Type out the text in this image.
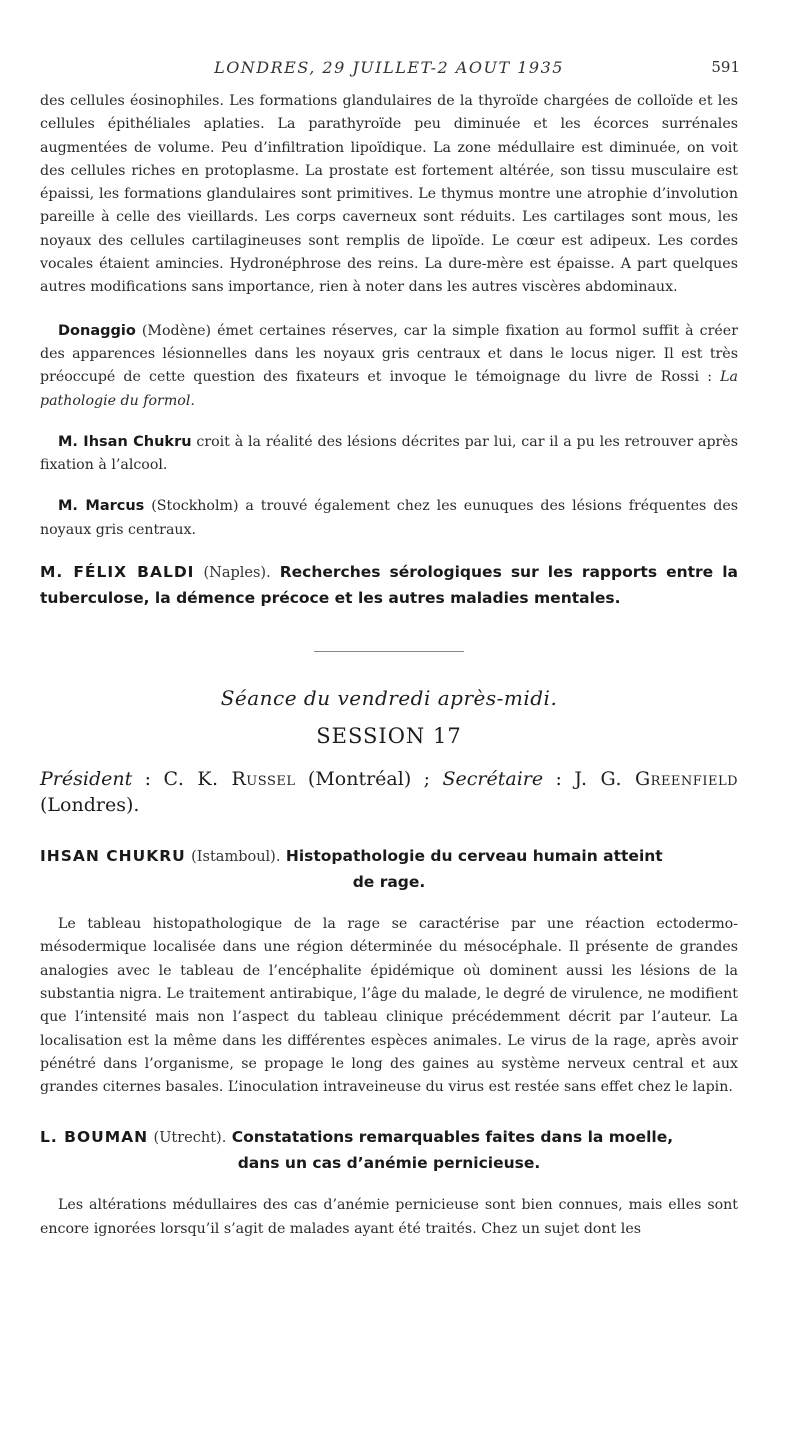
LONDRES, 29 JUILLET-2 AOUT 1935	591

des cellules éosinophiles. Les formations glandulaires de la thyroïde chargées de colloïde et les cellules épithéliales aplaties. La parathyroïde peu diminuée et les écorces surrénales augmentées de volume. Peu d’infiltration lipoïdique. La zone médullaire est diminuée, on voit des cellules riches en protoplasme. La prostate est fortement altérée, son tissu musculaire est épaissi, les formations glandulaires sont primitives. Le thymus montre une atrophie d’involution pareille à celle des vieillards. Les corps caverneux sont réduits. Les cartilages sont mous, les noyaux des cellules cartilagineuses sont remplis de lipoïde. Le cœur est adipeux. Les cordes vocales étaient amincies. Hydronéphrose des reins. La dure-mère est épaisse. A part quelques autres modifications sans importance, rien à noter dans les autres viscères abdominaux.

Donaggio (Modène) émet certaines réserves, car la simple fixation au formol suffit à créer des apparences lésionnelles dans les noyaux gris centraux et dans le locus niger. Il est très préoccupé de cette question des fixateurs et invoque le témoignage du livre de Rossi : La pathologie du formol.

M. Ihsan Chukru croit à la réalité des lésions décrites par lui, car il a pu les retrouver après fixation à l’alcool.

M. Marcus (Stockholm) a trouvé également chez les eunuques des lésions fréquentes des noyaux gris centraux.

M. FÉLIX BALDI (Naples). Recherches sérologiques sur les rapports entre la tuberculose, la démence précoce et les autres maladies mentales.

Séance du vendredi après-midi.
SESSION 17

Président : C. K. Russel (Montréal) ; Secrétaire : J. G. Greenfield (Londres).

IHSAN CHUKRU (Istamboul). Histopathologie du cerveau humain atteint
de rage.

Le tableau histopathologique de la rage se caractérise par une réaction ectodermo-mésodermique localisée dans une région déterminée du mésocéphale. Il présente de grandes analogies avec le tableau de l’encéphalite épidémique où dominent aussi les lésions de la substantia nigra. Le traitement antirabique, l’âge du malade, le degré de virulence, ne modifient que l’intensité mais non l’aspect du tableau clinique précédemment décrit par l’auteur. La localisation est la même dans les différentes espèces animales. Le virus de la rage, après avoir pénétré dans l’organisme, se propage le long des gaines au système nerveux central et aux grandes citernes basales. L’inoculation intraveineuse du virus est restée sans effet chez le lapin.

L. BOUMAN (Utrecht). Constatations remarquables faites dans la moelle,
dans un cas d’anémie pernicieuse.

Les altérations médullaires des cas d’anémie pernicieuse sont bien connues, mais elles sont encore ignorées lorsqu’il s’agit de malades ayant été traités. Chez un sujet dont les
